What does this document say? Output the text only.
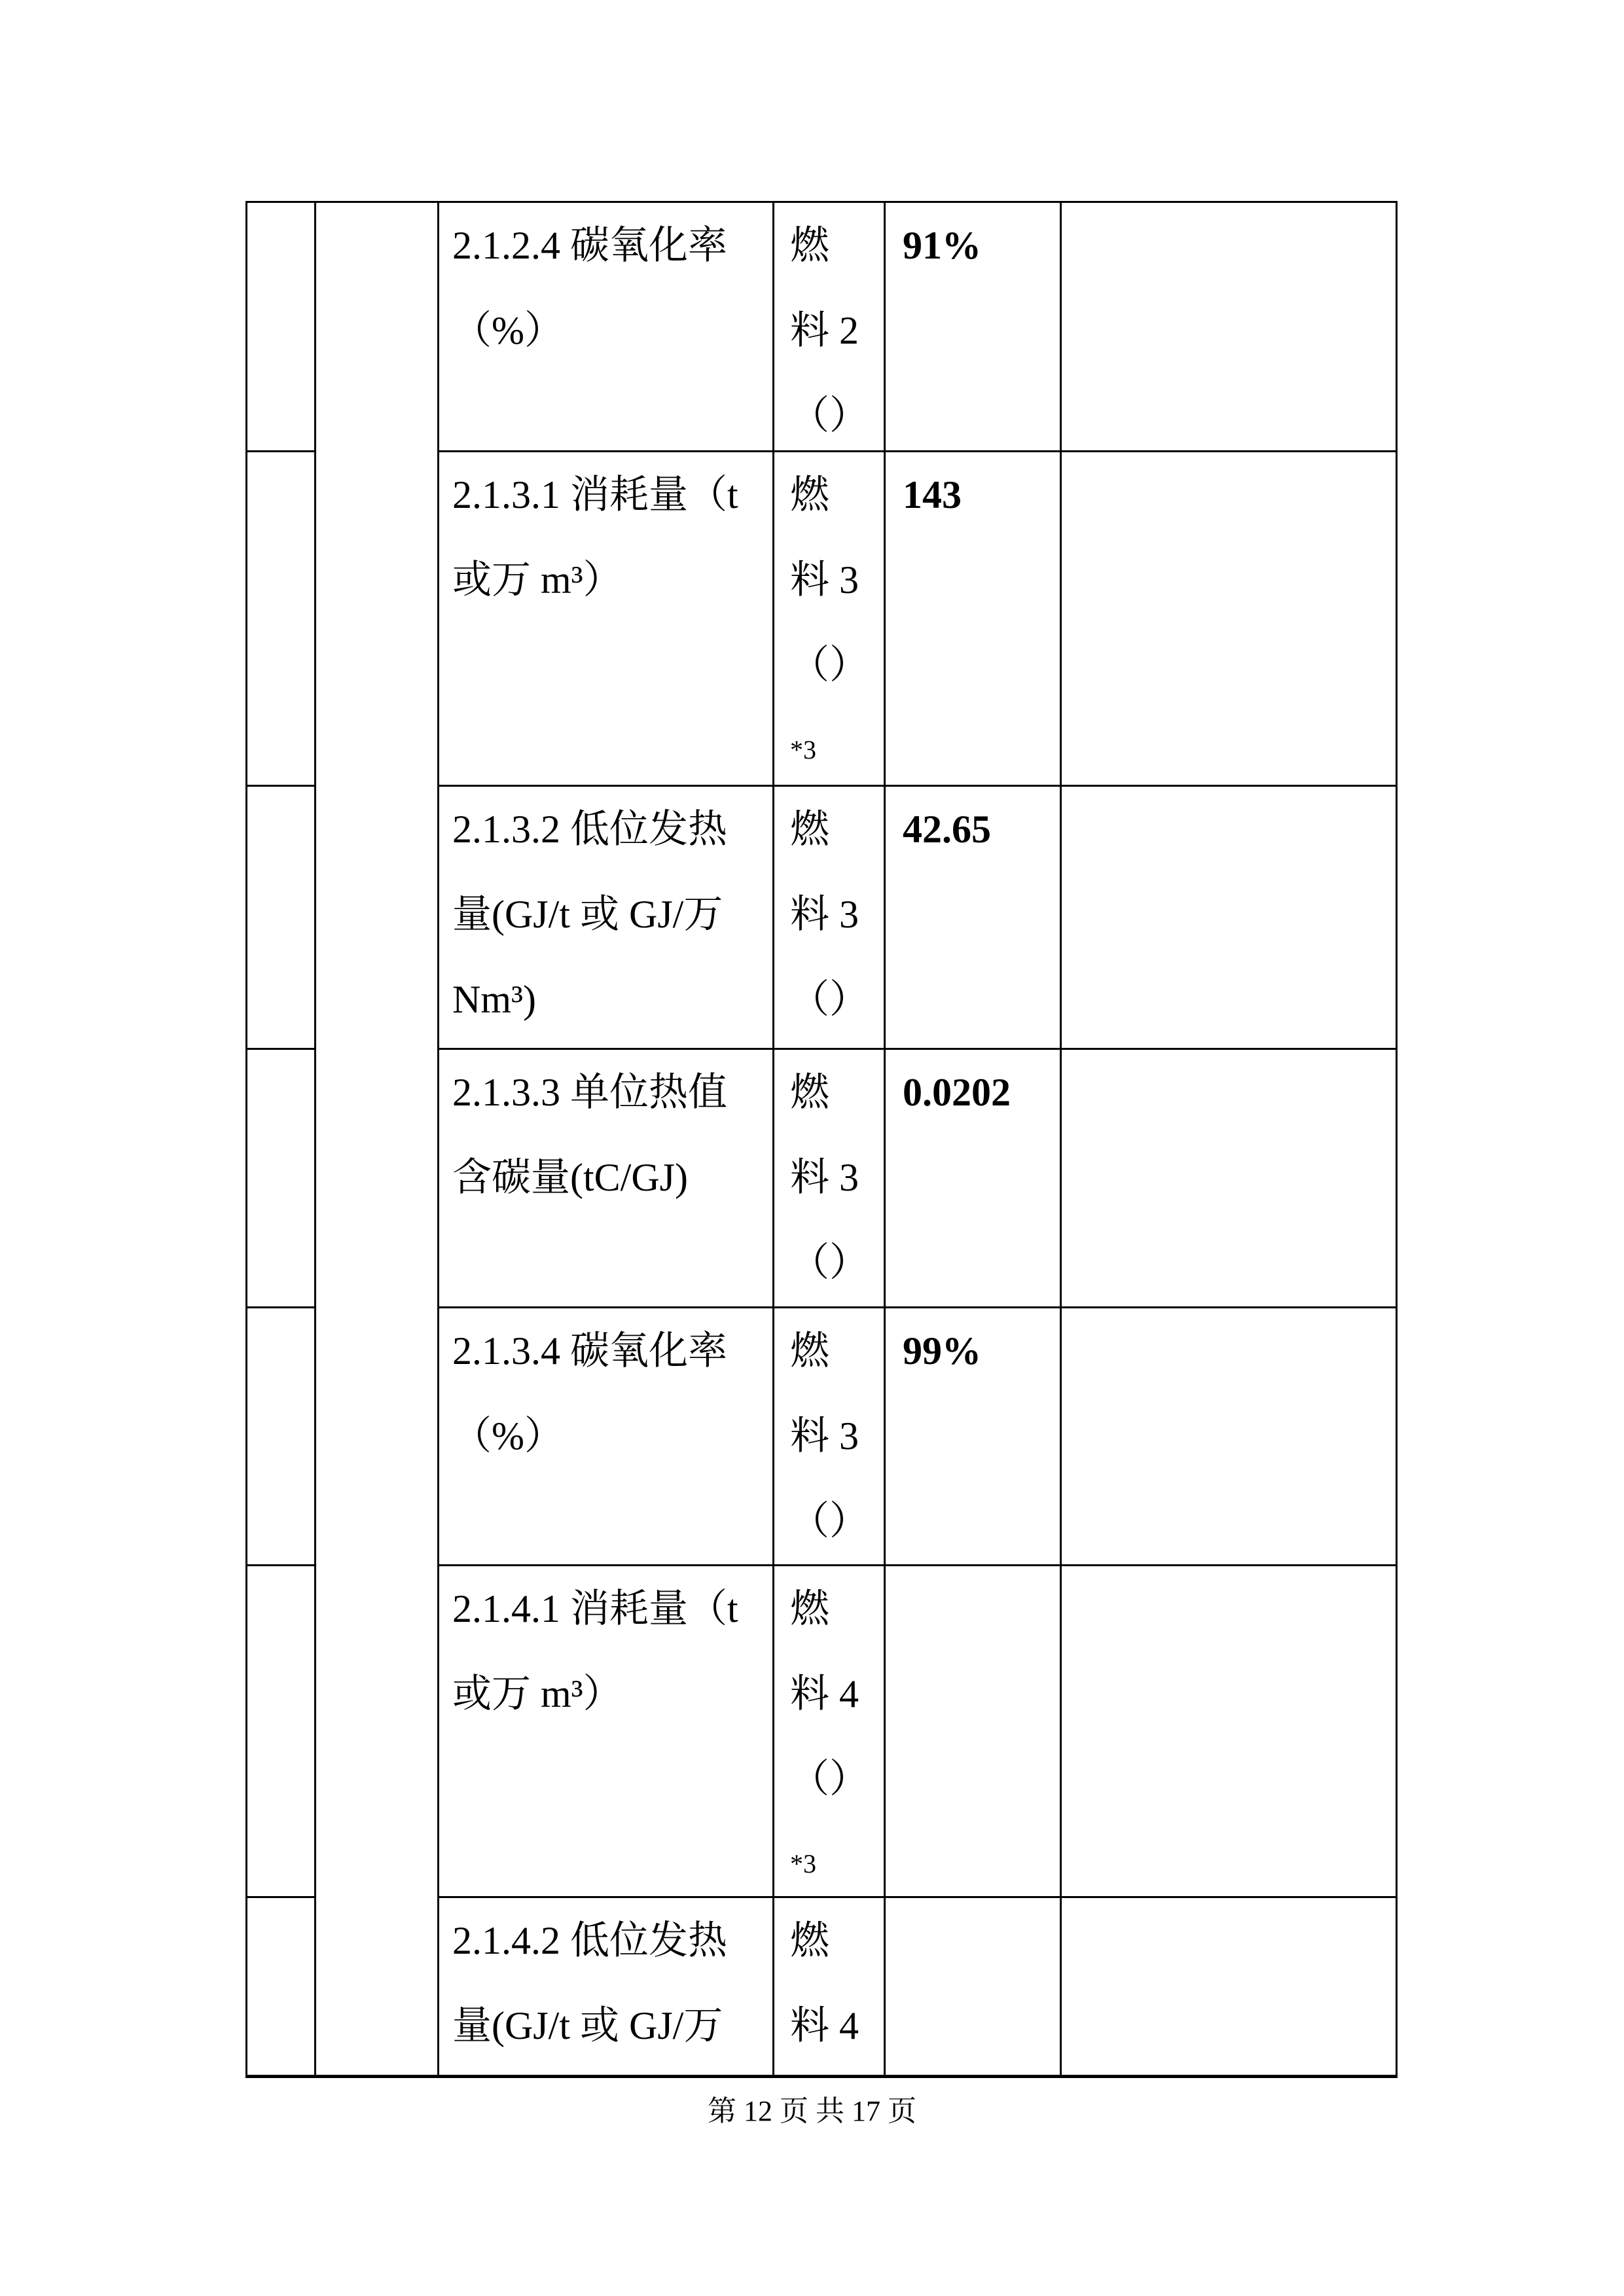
2.1.2.4 碳氧化率
（%）
燃
料 2
（）
91%
2.1.3.1 消耗量（t
或万 m³）
燃
料 3
（）
*3
143
2.1.3.2 低位发热
量(GJ/t 或 GJ/万
Nm³)
燃
料 3
（）
42.65
2.1.3.3 单位热值
含碳量(tC/GJ)
燃
料 3
（）
0.0202
2.1.3.4 碳氧化率
（%）
燃
料 3
（）
99%
2.1.4.1 消耗量（t
或万 m³）
燃
料 4
（）
*3
2.1.4.2 低位发热
量(GJ/t 或 GJ/万
燃
料 4
第 12 页 共 17 页
